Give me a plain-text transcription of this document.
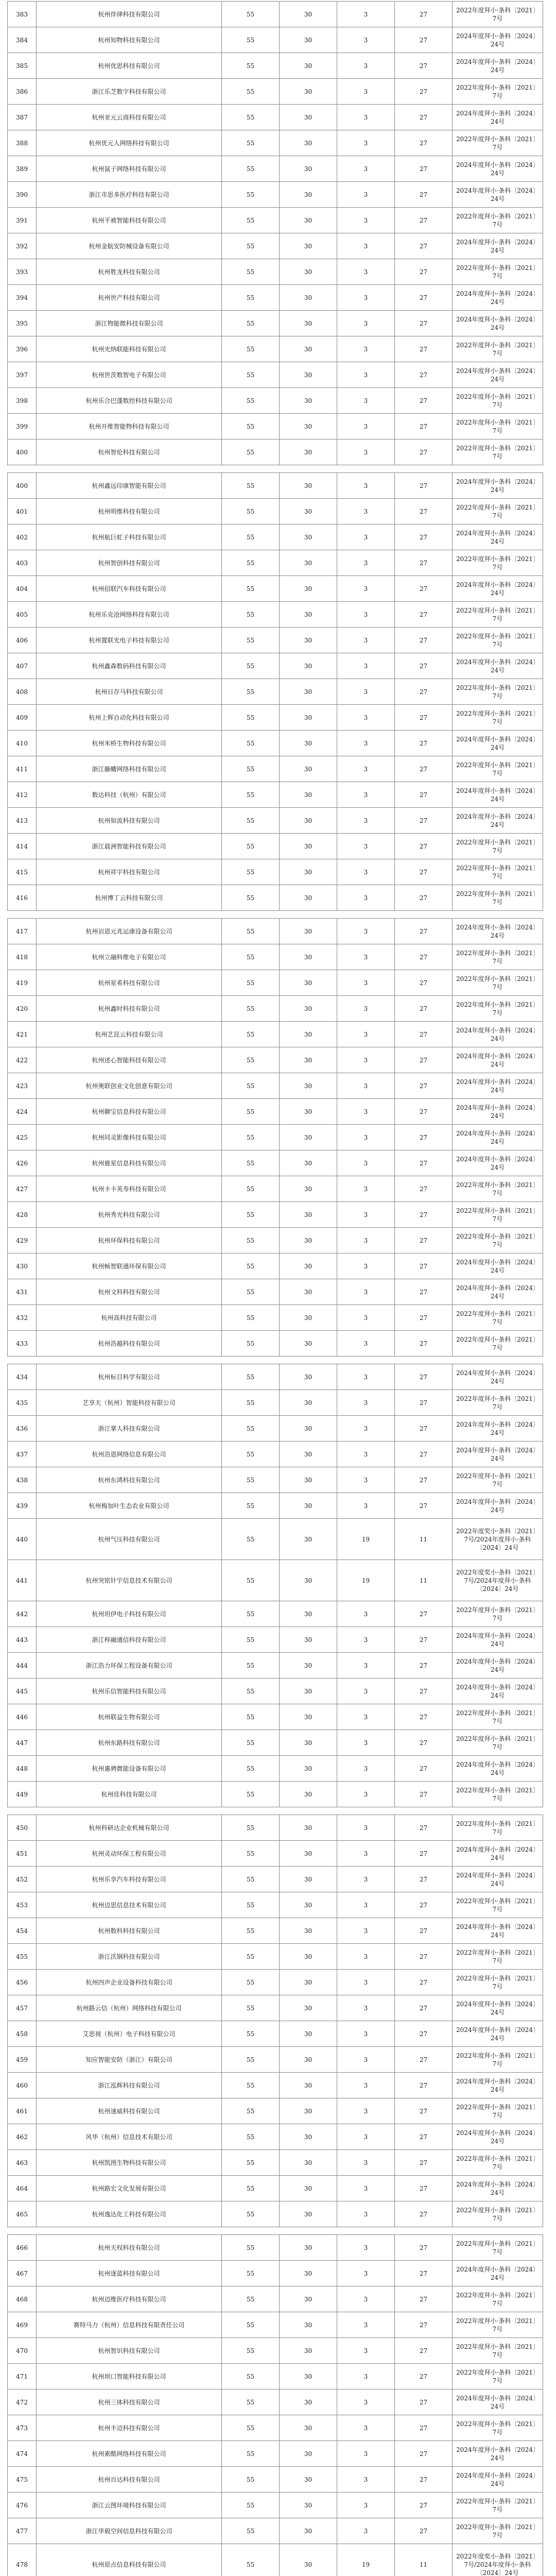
383	杭州伴律科技有限公司	55	30	3	27	2022年度拜小·条科〔2021〕7号
384	杭州知物科技有限公司	55	30	3	27	2024年度拜小·条科〔2024〕24号
385	杭州优思科技有限公司	55	30	3	27	2024年度拜小·条科〔2024〕24号
386	浙江乐芝数字科技有限公司	55	30	3	27	2022年度拜小·条科〔2021〕7号
387	杭州亚元云商科技有限公司	55	30	3	27	2024年度拜小·条科〔2024〕24号
388	杭州优元人网络科技有限公司	55	30	3	27	2022年度拜小·条科〔2021〕7号
389	杭州鼠子网络科技有限公司	55	30	3	27	2024年度拜小·条科〔2024〕24号
390	浙江市思多医疗科技有限公司	55	30	3	27	2024年度拜小·条科〔2024〕24号
391	杭州平被智能科技有限公司	55	30	3	27	2022年度拜小·条科〔2021〕7号
392	杭州金航安防械设备有限公司	55	30	3	27	2024年度拜小·条科〔2024〕24号
393	杭州胜龙科技有限公司	55	30	3	27	2022年度拜小·条科〔2021〕7号
394	杭州世产科技有限公司	55	30	3	27	2024年度拜小·条科〔2024〕24号
395	浙江物能微科技有限公司	55	30	3	27	2024年度拜小·条科〔2024〕24号
396	杭州光纳联能科技有限公司	55	30	3	27	2022年度拜小·条科〔2021〕7号
397	杭州世茨数智电子有限公司	55	30	3	27	2024年度拜小·条科〔2024〕24号
398	杭州乐合巴蓬数控科技有限公司	55	30	3	27	2022年度拜小·条科〔2021〕7号
399	杭州开维智能物科技有限公司	55	30	3	27	2022年度拜小·条科〔2021〕7号
400	杭州智伦科技有限公司	55	30	3	27	2022年度拜小·条科〔2021〕7号

400	杭州鑫远印康智能有限公司	55	30	3	27	2024年度拜小·条科〔2024〕24号
401	杭州明维科技有限公司	55	30	3	27	2022年度拜小·条科〔2021〕7号
402	杭州航巨虹子科技有限公司	55	30	3	27	2024年度拜小·条科〔2024〕24号
403	杭州智创科技有限公司	55	30	3	27	2022年度拜小·条科〔2021〕7号
404	杭州招联汽车科技有限公司	55	30	3	27	2024年度拜小·条科〔2024〕24号
405	杭州乐克沧网络科技有限公司	55	30	3	27	2022年度拜小·条科〔2021〕7号
406	杭州置联光电子科技有限公司	55	30	3	27	2022年度拜小·条科〔2021〕7号
407	杭州鑫森数码科技有限公司	55	30	3	27	2024年度拜小·条科〔2024〕24号
408	杭州日存马科技有限公司	55	30	3	27	2022年度拜小·条科〔2021〕7号
409	杭州上辉自动化科技有限公司	55	30	3	27	2022年度拜小·条科〔2021〕7号
410	杭州米桥生物科技有限公司	55	30	3	27	2024年度拜小·条科〔2024〕24号
411	浙江藤幡网络科技有限公司	55	30	3	27	2022年度拜小·条科〔2021〕7号
412	数达科技（杭州）有限公司	55	30	3	27	2024年度拜小·条科〔2024〕24号
413	杭州如流科技有限公司	55	30	3	27	2024年度拜小·条科〔2024〕24号
414	浙江晨洲智能科技有限公司	55	30	3	27	2022年度拜小·条科〔2021〕7号
415	杭州祥宇科技有限公司	55	30	3	27	2022年度拜小·条科〔2021〕7号
416	杭州博丁云科技有限公司	55	30	3	27	2022年度拜小·条科〔2021〕7号

417	杭州岩恩元兆运康设备有限公司	55	30	3	27	2024年度拜小·条科〔2024〕24号
418	杭州立融科维电子有限公司	55	30	3	27	2022年度拜小·条科〔2021〕7号
419	杭州星希科技有限公司	55	30	3	27	2022年度拜小·条科〔2021〕7号
420	杭州鑫时科技有限公司	55	30	3	27	2022年度拜小·条科〔2021〕7号
421	杭州艺昆云科技有限公司	55	30	3	27	2024年度拜小·条科〔2024〕24号
422	杭州述心智能科技有限公司	55	30	3	27	2024年度拜小·条科〔2024〕24号
423	杭州奥联创业文化创意有限公司	55	30	3	27	2024年度拜小·条科〔2024〕24号
424	杭州聊宝信息科技有限公司	55	30	3	27	2024年度拜小·条科〔2024〕24号
425	杭州同灵影像科技有限公司	55	30	3	27	2024年度拜小·条科〔2024〕24号
426	杭州鹿星信息科技有限公司	55	30	3	27	2024年度拜小·条科〔2024〕24号
427	杭州卡卡英寿科技有限公司	55	30	3	27	2022年度拜小·条科〔2021〕7号
428	杭州秀光科技有限公司	55	30	3	27	2022年度拜小·条科〔2021〕7号
429	杭州环保科技有限公司	55	30	3	27	2022年度拜小·条科〔2021〕7号
430	杭州畅智联通环保有限公司	55	30	3	27	2024年度拜小·条科〔2024〕24号
431	杭州文科科技有限公司	55	30	3	27	2024年度拜小·条科〔2024〕24号
432	杭州高科技有限公司	55	30	3	27	2022年度拜小·条科〔2021〕7号
433	杭州浩越科技有限公司	55	30	3	27	2022年度拜小·条科〔2021〕7号

434	杭州标目科学有限公司	55	30	3	27	2024年度拜小·条科〔2024〕24号
435	艺享天（杭州）智能科技有限公司	55	30	3	27	2022年度拜小·条科〔2021〕7号
436	浙江掌人科技有限公司	55	30	3	27	2024年度拜小·条科〔2024〕24号
437	杭州浩恩网络信息有限公司	55	30	3	27	2024年度拜小·条科〔2024〕24号
438	杭州东鸿科技有限公司	55	30	3	27	2022年度拜小·条科〔2021〕7号
439	杭州梅加叶生态农业有限公司	55	30	3	27	2024年度拜小·条科〔2024〕24号
440	杭州气压科技有限公司	55	30	19	11	2022年度奖小·条科〔2021〕7号/2024年度拜小·条科〔2024〕24号
441	杭州突铭针宇信息技术有限公司	55	30	19	11	2022年度奖小·条科〔2021〕7号/2024年度拜小·条科〔2024〕24号
442	杭州坦伊电子科技有限公司	55	30	3	27	2022年度拜小·条科〔2021〕7号
443	浙江梓融通信科技有限公司	55	30	3	27	2024年度拜小·条科〔2024〕24号
444	浙江浩力环保工程设备有限公司	55	30	3	27	2024年度拜小·条科〔2024〕24号
445	杭州乐信智能科技有限公司	55	30	3	27	2024年度拜小·条科〔2024〕24号
446	杭州联益生物有限公司	55	30	3	27	2022年度拜小·条科〔2021〕7号
447	杭州东路科技有限公司	55	30	3	27	2022年度拜小·条科〔2021〕7号
448	杭州惠骋微能设备有限公司	55	30	3	27	2024年度拜小·条科〔2024〕24号
449	杭州佳科技有限公司	55	30	3	27	2022年度拜小·条科〔2021〕7号

450	杭州科研达企业机械有限公司	55	30	3	27	2022年度拜小·条科〔2021〕7号
451	杭州灵动环保工程有限公司	55	30	3	27	2024年度拜小·条科〔2024〕24号
452	杭州乐享汽车科技有限公司	55	30	3	27	2024年度拜小·条科〔2024〕24号
453	杭州迈思信息技术有限公司	55	30	3	27	2022年度拜小·条科〔2021〕7号
454	杭州数科科技有限公司	55	30	3	27	2024年度拜小·条科〔2024〕24号
455	浙江沃钢科技有限公司	55	30	3	27	2022年度拜小·条科〔2021〕7号
456	杭州四声企业设备科技有限公司	55	30	3	27	2022年度拜小·条科〔2021〕7号
457	杭州路云信（杭州）网络科技有限公司	55	30	3	27	2024年度拜小·条科〔2024〕24号
458	艾思视（杭州）电子科技有限公司	55	30	3	27	2024年度拜小·条科〔2024〕24号
459	知应智能安防（浙江）有限公司	55	30	3	27	2022年度拜小·条科〔2021〕7号
460	浙江泓辉科技有限公司	55	30	3	27	2024年度拜小·条科〔2024〕24号
461	杭州速威科技有限公司	55	30	3	27	2022年度拜小·条科〔2021〕7号
462	风华（杭州）信息技术有限公司	55	30	3	27	2024年度拜小·条科〔2024〕24号
463	杭州凯图生物科技有限公司	55	30	3	27	2022年度拜小·条科〔2021〕7号
464	杭州路宏文化发展有限公司	55	30	3	27	2024年度拜小·条科〔2024〕24号
465	杭州逸达化工科技有限公司	55	30	3	27	2022年度拜小·条科〔2021〕7号

466	杭州天权科技有限公司	55	30	3	27	2022年度拜小·条科〔2021〕7号
467	杭州逐蓝科技有限公司	55	30	3	27	2024年度拜小·条科〔2024〕24号
468	杭州迈维医疗科技有限公司	55	30	3	27	2022年度拜小·条科〔2021〕7号
469	赛特马力（杭州）信息科技有限责任公司	55	30	3	27	2022年度拜小·条科〔2021〕7号
470	杭州智识科技有限公司	55	30	3	27	2022年度拜小·条科〔2021〕7号
471	杭州坝口智能科技有限公司	55	30	3	27	2022年度拜小·条科〔2021〕7号
472	杭州三体科技有限公司	55	30	3	27	2024年度拜小·条科〔2024〕24号
473	杭州丰迈科技有限公司	55	30	3	27	2022年度拜小·条科〔2021〕7号
474	杭州素酷网络科技有限公司	55	30	3	27	2024年度拜小·条科〔2024〕24号
475	杭州百达科技有限公司	55	30	3	27	2024年度拜小·条科〔2024〕24号
476	浙江云图环境科技有限公司	55	30	3	27	2022年度拜小·条科〔2021〕7号
477	浙江华毅空间信息科技有限公司	55	30	3	27	2022年度拜小·条科〔2021〕7号
478	杭州原点信息科技有限公司	55	30	19	11	2022年度奖小·条科〔2021〕7号/2024年度拜小·条科〔2024〕24号
